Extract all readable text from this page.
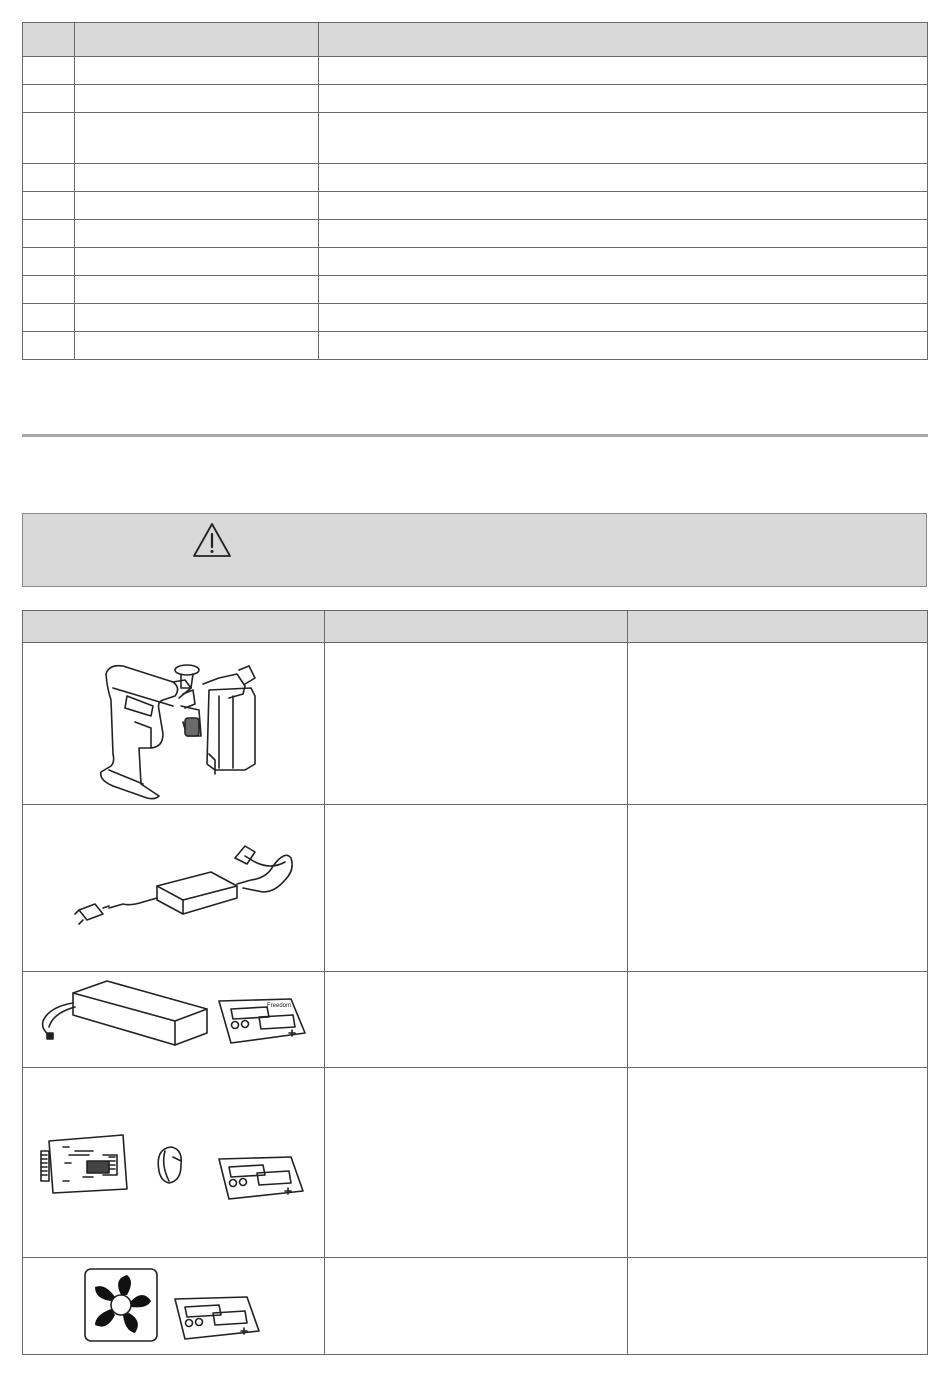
Freedom		
